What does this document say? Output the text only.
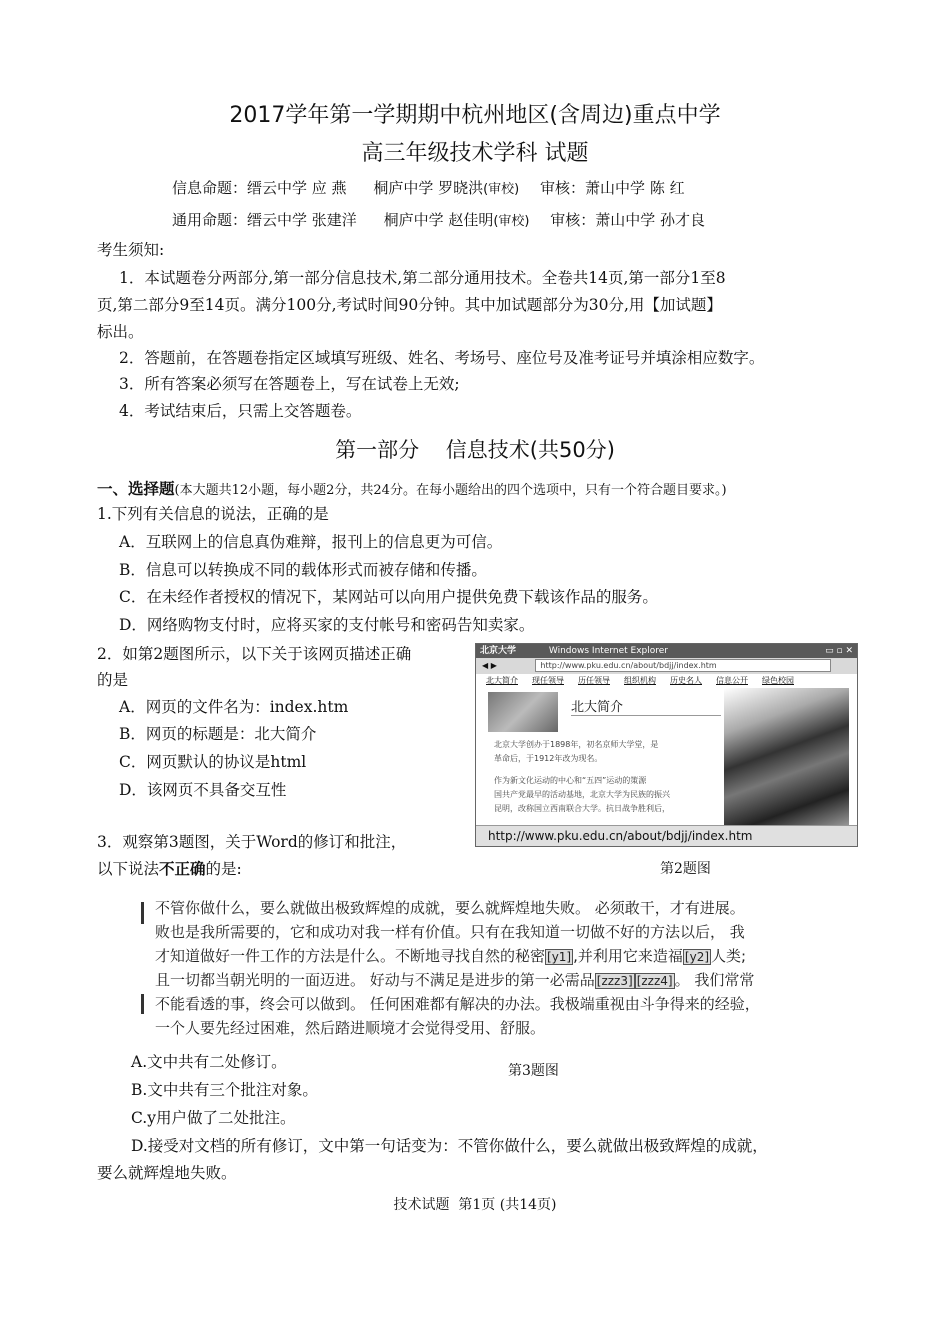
2017学年第一学期期中杭州地区(含周边)重点中学
高三年级技术学科 试题
信息命题：缙云中学 应 燕 桐庐中学 罗晓洪(审校) 审核：萧山中学 陈 红
通用命题：缙云中学 张建洋 桐庐中学 赵佳明(审校) 审核：萧山中学 孙才良
考生须知:
1．本试题卷分两部分,第一部分信息技术,第二部分通用技术。全卷共14页,第一部分1至8
页,第二部分9至14页。满分100分,考试时间90分钟。其中加试题部分为30分,用【加试题】
标出。
2．答题前，在答题卷指定区域填写班级、姓名、考场号、座位号及准考证号并填涂相应数字。
3．所有答案必须写在答题卷上，写在试卷上无效;
4．考试结束后，只需上交答题卷。
第一部分    信息技术(共50分)
一、选择题(本大题共12小题，每小题2分，共24分。在每小题给出的四个选项中，只有一个符合题目要求。)
1.下列有关信息的说法，正确的是
A．互联网上的信息真伪难辩，报刊上的信息更为可信。
B．信息可以转换成不同的载体形式而被存储和传播。
C．在未经作者授权的情况下，某网站可以向用户提供免费下载该作品的服务。
D．网络购物支付时，应将买家的支付帐号和密码告知卖家。
2．如第2题图所示，以下关于该网页描述正确
的是
A．网页的文件名为：index.htm
B．网页的标题是：北大简介
C．网页默认的协议是html
D．该网页不具备交互性
北京大学	Windows Internet Explorer	▭ ▫ ✕
◀ ▶	http://www.pku.edu.cn/about/bdjj/index.htm
北大简介 现任领导 历任领导 组织机构 历史名人 信息公开 绿色校园
北大简介
北京大学创办于1898年，初名京师大学堂，是
革命后，于1912年改为现名。
作为新文化运动的中心和“五四”运动的策源
国共产党最早的活动基地，北京大学为民族的振兴
昆明，改称国立西南联合大学。抗日战争胜利后，
http://www.pku.edu.cn/about/bdjj/index.htm
第2题图
3．观察第3题图，关于Word的修订和批注，
以下说法不正确的是:
不管你做什么，要么就做出极致辉煌的成就，要么就辉煌地失败。 必须敢干，才有进展。
败也是我所需要的，它和成功对我一样有价值。只有在我知道一切做不好的方法以后， 我
才知道做好一件工作的方法是什么。不断地寻找自然的秘密 [y1] ,并利用它来造福 [y2] 人类;
且一切都当朝光明的一面迈进。 好动与不满足是进步的第一必需品 [zzz3] [zzz4] 。 我们常常
不能看透的事，终会可以做到。 任何困难都有解决的办法。我极端重视由斗争得来的经验，
一个人要先经过困难，然后踏进顺境才会觉得受用、舒服。
A.文中共有二处修订。	第3题图
B.文中共有三个批注对象。
C.y用户做了二处批注。
D.接受对文档的所有修订，文中第一句话变为：不管你做什么，要么就做出极致辉煌的成就，
要么就辉煌地失败。
技术试题  第1页 (共14页)
